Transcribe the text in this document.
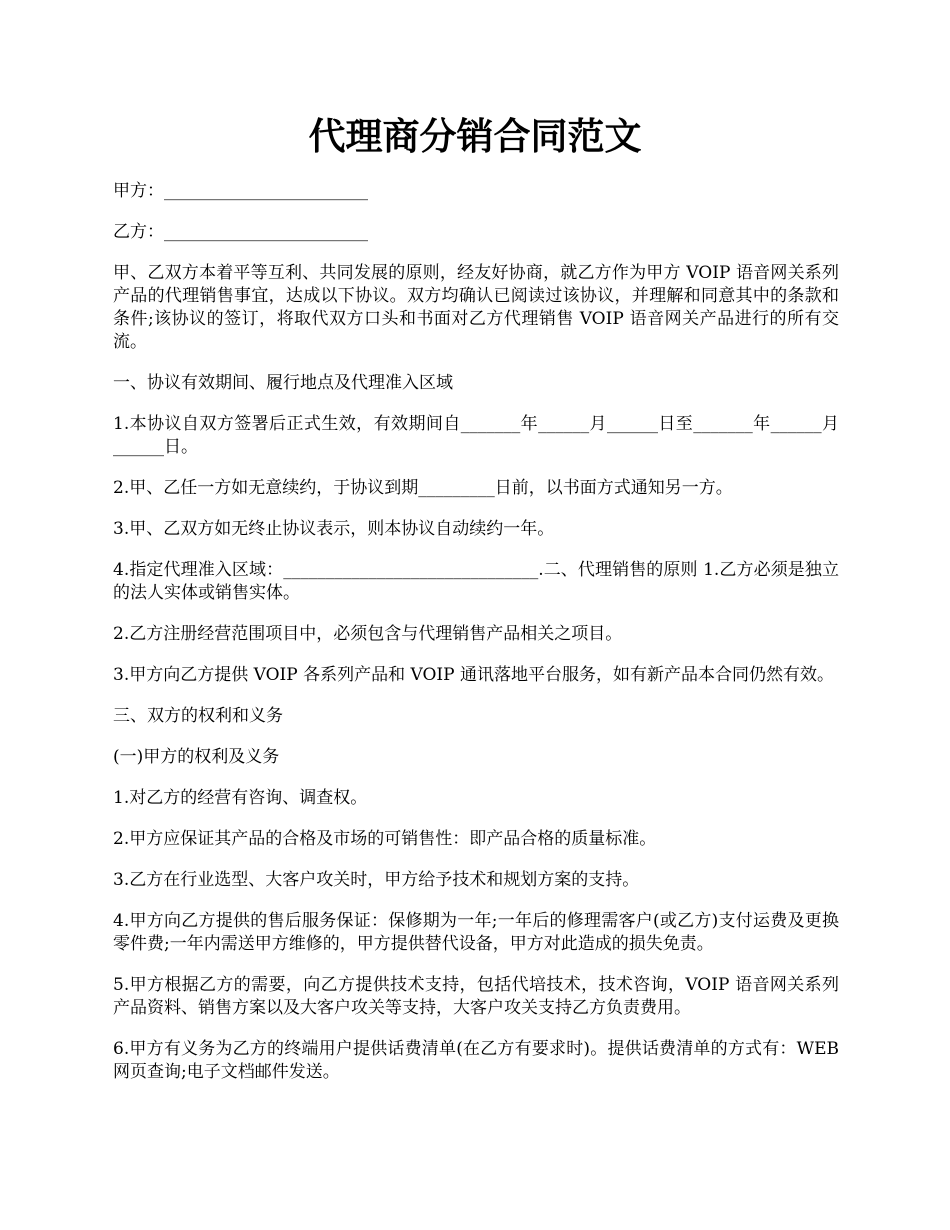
代理商分销合同范文

甲方：________________________

乙方：________________________

甲、乙双方本着平等互利、共同发展的原则，经友好协商，就乙方作为甲方 VOIP 语音网关系列产品的代理销售事宜，达成以下协议。双方均确认已阅读过该协议，并理解和同意其中的条款和条件;该协议的签订，将取代双方口头和书面对乙方代理销售 VOIP 语音网关产品进行的所有交流。

一、协议有效期间、履行地点及代理准入区域

1.本协议自双方签署后正式生效，有效期间自_______年______月______日至_______年______月______日。

2.甲、乙任一方如无意续约，于协议到期_________日前，以书面方式通知另一方。

3.甲、乙双方如无终止协议表示，则本协议自动续约一年。

4.指定代理准入区域：______________________________.二、代理销售的原则 1.乙方必须是独立的法人实体或销售实体。

2.乙方注册经营范围项目中，必须包含与代理销售产品相关之项目。

3.甲方向乙方提供 VOIP 各系列产品和 VOIP 通讯落地平台服务，如有新产品本合同仍然有效。

三、双方的权利和义务

(一)甲方的权利及义务

1.对乙方的经营有咨询、调查权。

2.甲方应保证其产品的合格及市场的可销售性：即产品合格的质量标准。

3.乙方在行业选型、大客户攻关时，甲方给予技术和规划方案的支持。

4.甲方向乙方提供的售后服务保证：保修期为一年;一年后的修理需客户(或乙方)支付运费及更换零件费;一年内需送甲方维修的，甲方提供替代设备，甲方对此造成的损失免责。

5.甲方根据乙方的需要，向乙方提供技术支持，包括代培技术，技术咨询，VOIP 语音网关系列产品资料、销售方案以及大客户攻关等支持，大客户攻关支持乙方负责费用。

6.甲方有义务为乙方的终端用户提供话费清单(在乙方有要求时)。提供话费清单的方式有：WEB 网页查询;电子文档邮件发送。
